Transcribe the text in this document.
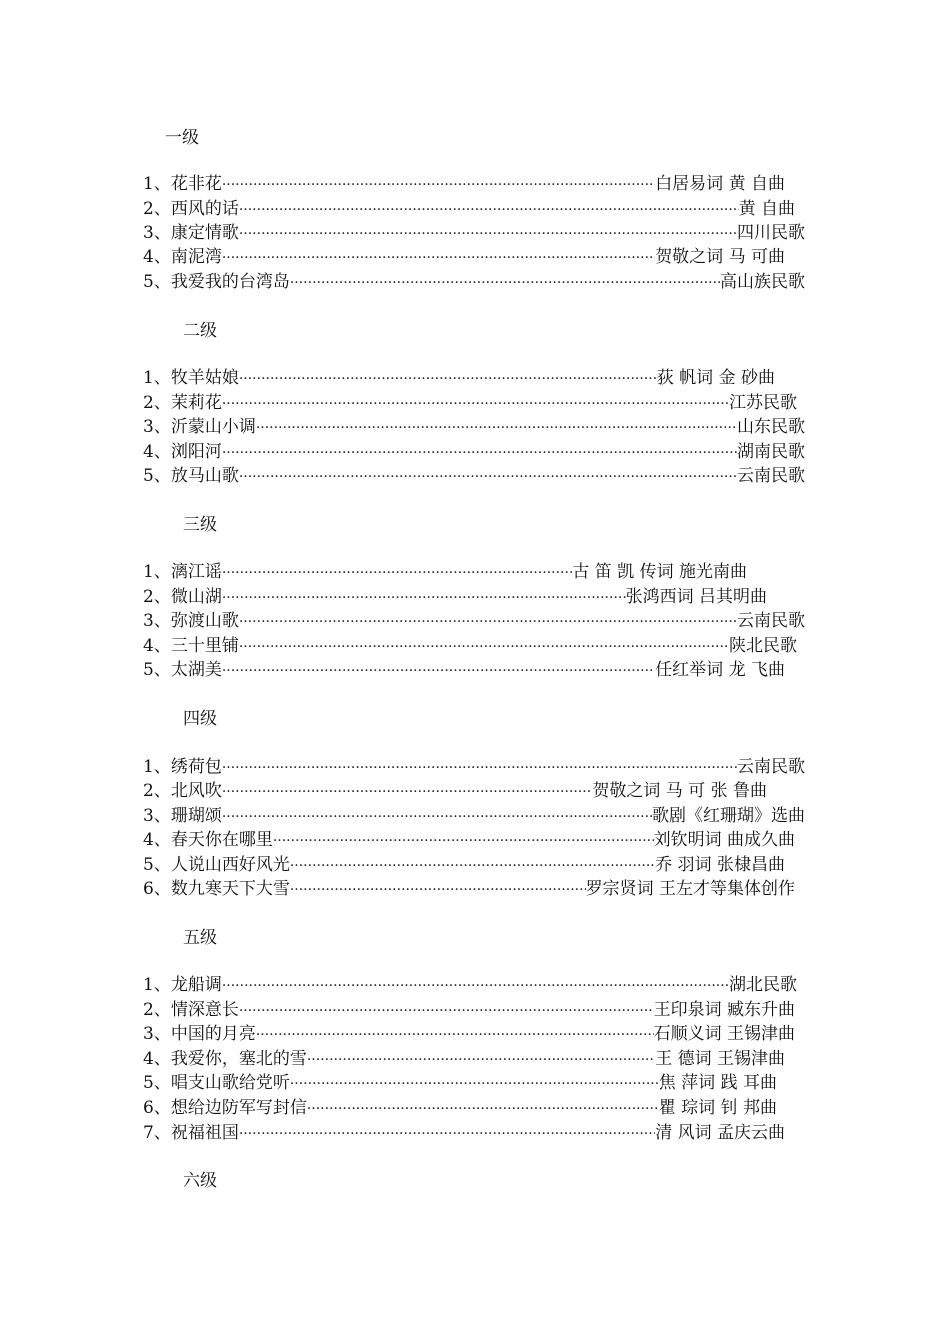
一级
1、 花非花 ·····	白居易词 黄 自曲
2、 西风的话 ·····	黄 自曲
3、 康定情歌 ·····	四川民歌
4、 南泥湾 ·····	贺敬之词 马 可曲
5、 我爱我的台湾岛 ·····	高山族民歌
二级
1、 牧羊姑娘 ·····	荻 帆词 金 砂曲
2、 茉莉花 ·····	江苏民歌
3、 沂蒙山小调 ·····	山东民歌
4、 浏阳河 ·····	湖南民歌
5、 放马山歌 ·····	云南民歌
三级
1、 漓江谣 ·····	古 笛 凯 传词 施光南曲
2、 微山湖 ·····	张鸿西词 吕其明曲
3、 弥渡山歌 ·····	云南民歌
4、 三十里铺 ·····	陕北民歌
5、 太湖美 ·····	任红举词 龙 飞曲
四级
1、 绣荷包 ·····	云南民歌
2、 北风吹 ·····	贺敬之词 马 可 张 鲁曲
3、 珊瑚颂 ·····	歌剧《红珊瑚》选曲
4、 春天你在哪里 ·····	刘钦明词 曲成久曲
5、 人说山西好风光 ·····	乔 羽词 张棣昌曲
6、 数九寒天下大雪 ·····	罗宗贤词 王左才等集体创作
五级
1、 龙船调 ·····	湖北民歌
2、 情深意长 ·····	王印泉词 臧东升曲
3、 中国的月亮 ·····	石顺义词 王锡津曲
4、 我爱你，塞北的雪 ·····	王 德词 王锡津曲
5、 唱支山歌给党听 ·····	焦 萍词 践 耳曲
6、 想给边防军写封信 ·····	瞿 琮词 钊 邦曲
7、 祝福祖国 ·····	清 风词 孟庆云曲
六级
